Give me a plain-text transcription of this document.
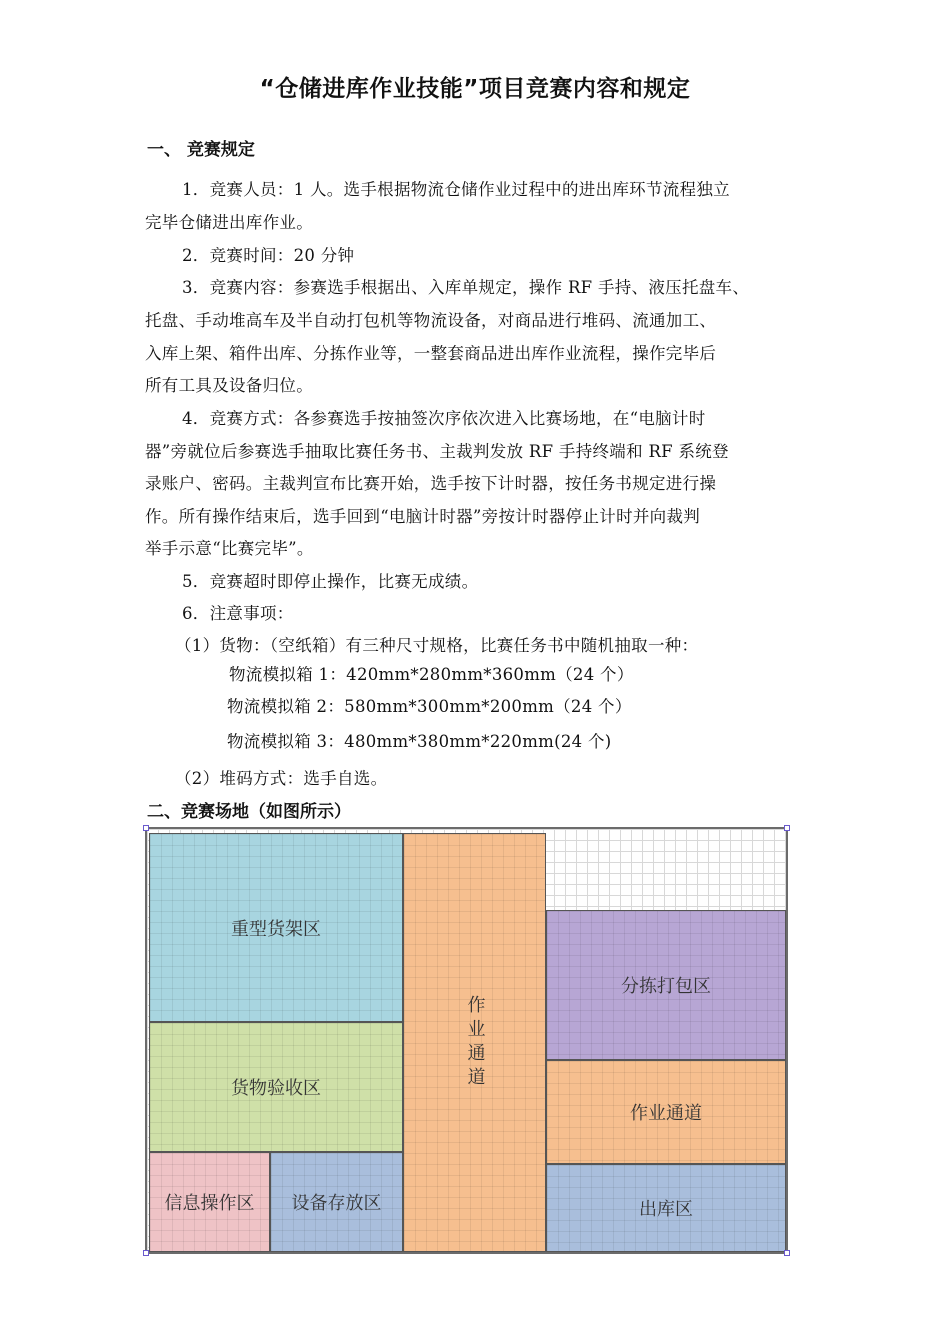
“仓储进库作业技能”项目竞赛内容和规定
一、 竞赛规定
1．竞赛人员：1 人。选手根据物流仓储作业过程中的进出库环节流程独立
完毕仓储进出库作业。
2．竞赛时间：20 分钟
3．竞赛内容：参赛选手根据出、入库单规定，操作 RF 手持、液压托盘车、
托盘、手动堆高车及半自动打包机等物流设备，对商品进行堆码、流通加工、
入库上架、箱件出库、分拣作业等，一整套商品进出库作业流程，操作完毕后
所有工具及设备归位。
4．竞赛方式：各参赛选手按抽签次序依次进入比赛场地，在“电脑计时
器”旁就位后参赛选手抽取比赛任务书、主裁判发放 RF 手持终端和 RF 系统登
录账户、密码。主裁判宣布比赛开始，选手按下计时器，按任务书规定进行操
作。所有操作结束后，选手回到“电脑计时器”旁按计时器停止计时并向裁判
举手示意“比赛完毕”。
5．竞赛超时即停止操作，比赛无成绩。
6．注意事项：
（1）货物：（空纸箱）有三种尺寸规格，比赛任务书中随机抽取一种：
物流模拟箱 1：420mm*280mm*360mm（24 个）
物流模拟箱 2：580mm*300mm*200mm（24 个）
物流模拟箱 3：480mm*380mm*220mm(24 个)
（2）堆码方式：选手自选。
二、竞赛场地（如图所示）
重型货架区
货物验收区
信息操作区 设备存放区
作业通道
分拣打包区
作业通道
出库区
